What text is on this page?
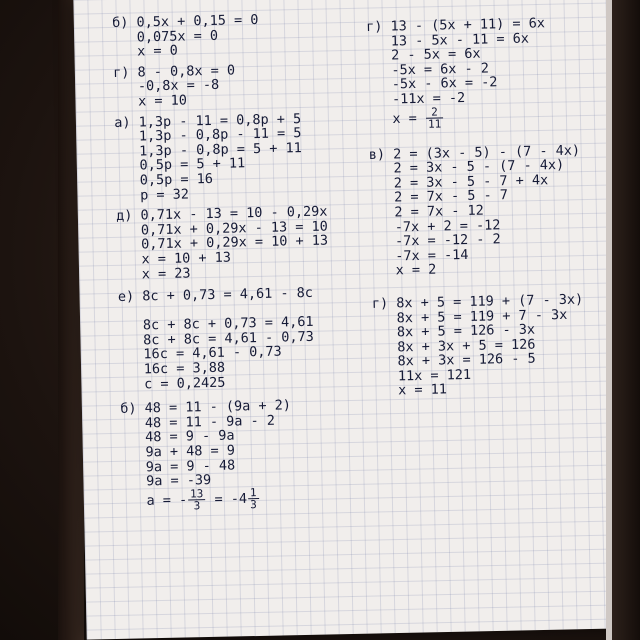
б) 0,5x + 0,15 = 0
0,075x = 0
x = 0
г) 8 - 0,8x = 0
-0,8x = -8
x = 10
а) 1,3p - 11 = 0,8p + 5
1,3p - 0,8p - 11 = 5
1,3p - 0,8p = 5 + 11
0,5p = 5 + 11
0,5p = 16
p = 32
д) 0,71x - 13 = 10 - 0,29x
0,71x + 0,29x - 13 = 10
0,71x + 0,29x = 10 + 13
x = 10 + 13
x = 23
е) 8c + 0,73 = 4,61 - 8c
8c + 8c + 0,73 = 4,61
8c + 8c = 4,61 - 0,73
16c = 4,61 - 0,73
16c = 3,88
c = 0,2425
б) 48 = 11 - (9a + 2)
48 = 11 - 9a - 2
48 = 9 - 9a
9a + 48 = 9
9a = 9 - 48
9a = -39
a = - $\frac{13}{3} = -4 \frac{1}{3}$
г) 13 - (5x + 11) = 6x
13 - 5x - 11 = 6x
2 - 5x = 6x
-5x = 6x - 2
-5x - 6x = -2
-11x = -2
$x = \frac{2}{11}$
в) 2 = (3x - 5) - (7 - 4x)
2 = 3x - 5 - (7 - 4x)
2 = 3x - 5 - 7 + 4x
2 = 7x - 5 - 7
2 = 7x - 12
-7x + 2 = -12
-7x = -12 - 2
-7x = -14
x = 2
г) 8x + 5 = 119 + (7 - 3x)
8x + 5 = 119 + 7 - 3x
8x + 5 = 126 - 3x
8x + 3x + 5 = 126
8x + 3x = 126 - 5
11x = 121
x = 11
